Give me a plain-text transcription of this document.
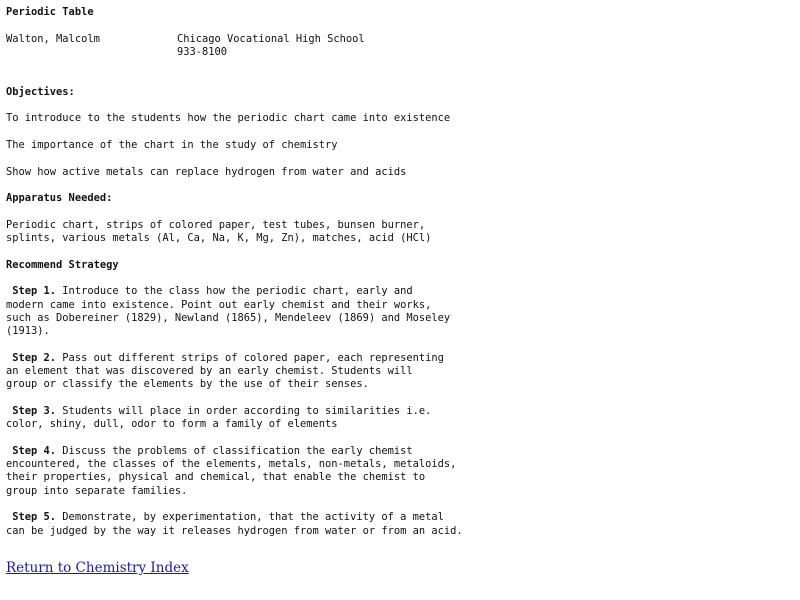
Periodic Table
Walton, Malcolm	Chicago Vocational High School
933-8100
Objectives:
To introduce to the students how the periodic chart came into existence
The importance of the chart in the study of chemistry
Show how active metals can replace hydrogen from water and acids
Apparatus Needed:
Periodic chart, strips of colored paper, test tubes, bunsen burner,
splints, various metals (Al, Ca, Na, K, Mg, Zn), matches, acid (HCl)
Recommend Strategy
Step 1. Introduce to the class how the periodic chart, early and
modern came into existence. Point out early chemist and their works,
such as Dobereiner (1829), Newland (1865), Mendeleev (1869) and Moseley
(1913).
Step 2. Pass out different strips of colored paper, each representing
an element that was discovered by an early chemist. Students will
group or classify the elements by the use of their senses.
Step 3. Students will place in order according to similarities i.e.
color, shiny, dull, odor to form a family of elements
Step 4. Discuss the problems of classification the early chemist
encountered, the classes of the elements, metals, non-metals, metaloids,
their properties, physical and chemical, that enable the chemist to
group into separate families.
Step 5. Demonstrate, by experimentation, that the activity of a metal
can be judged by the way it releases hydrogen from water or from an acid.
Return to Chemistry Index
